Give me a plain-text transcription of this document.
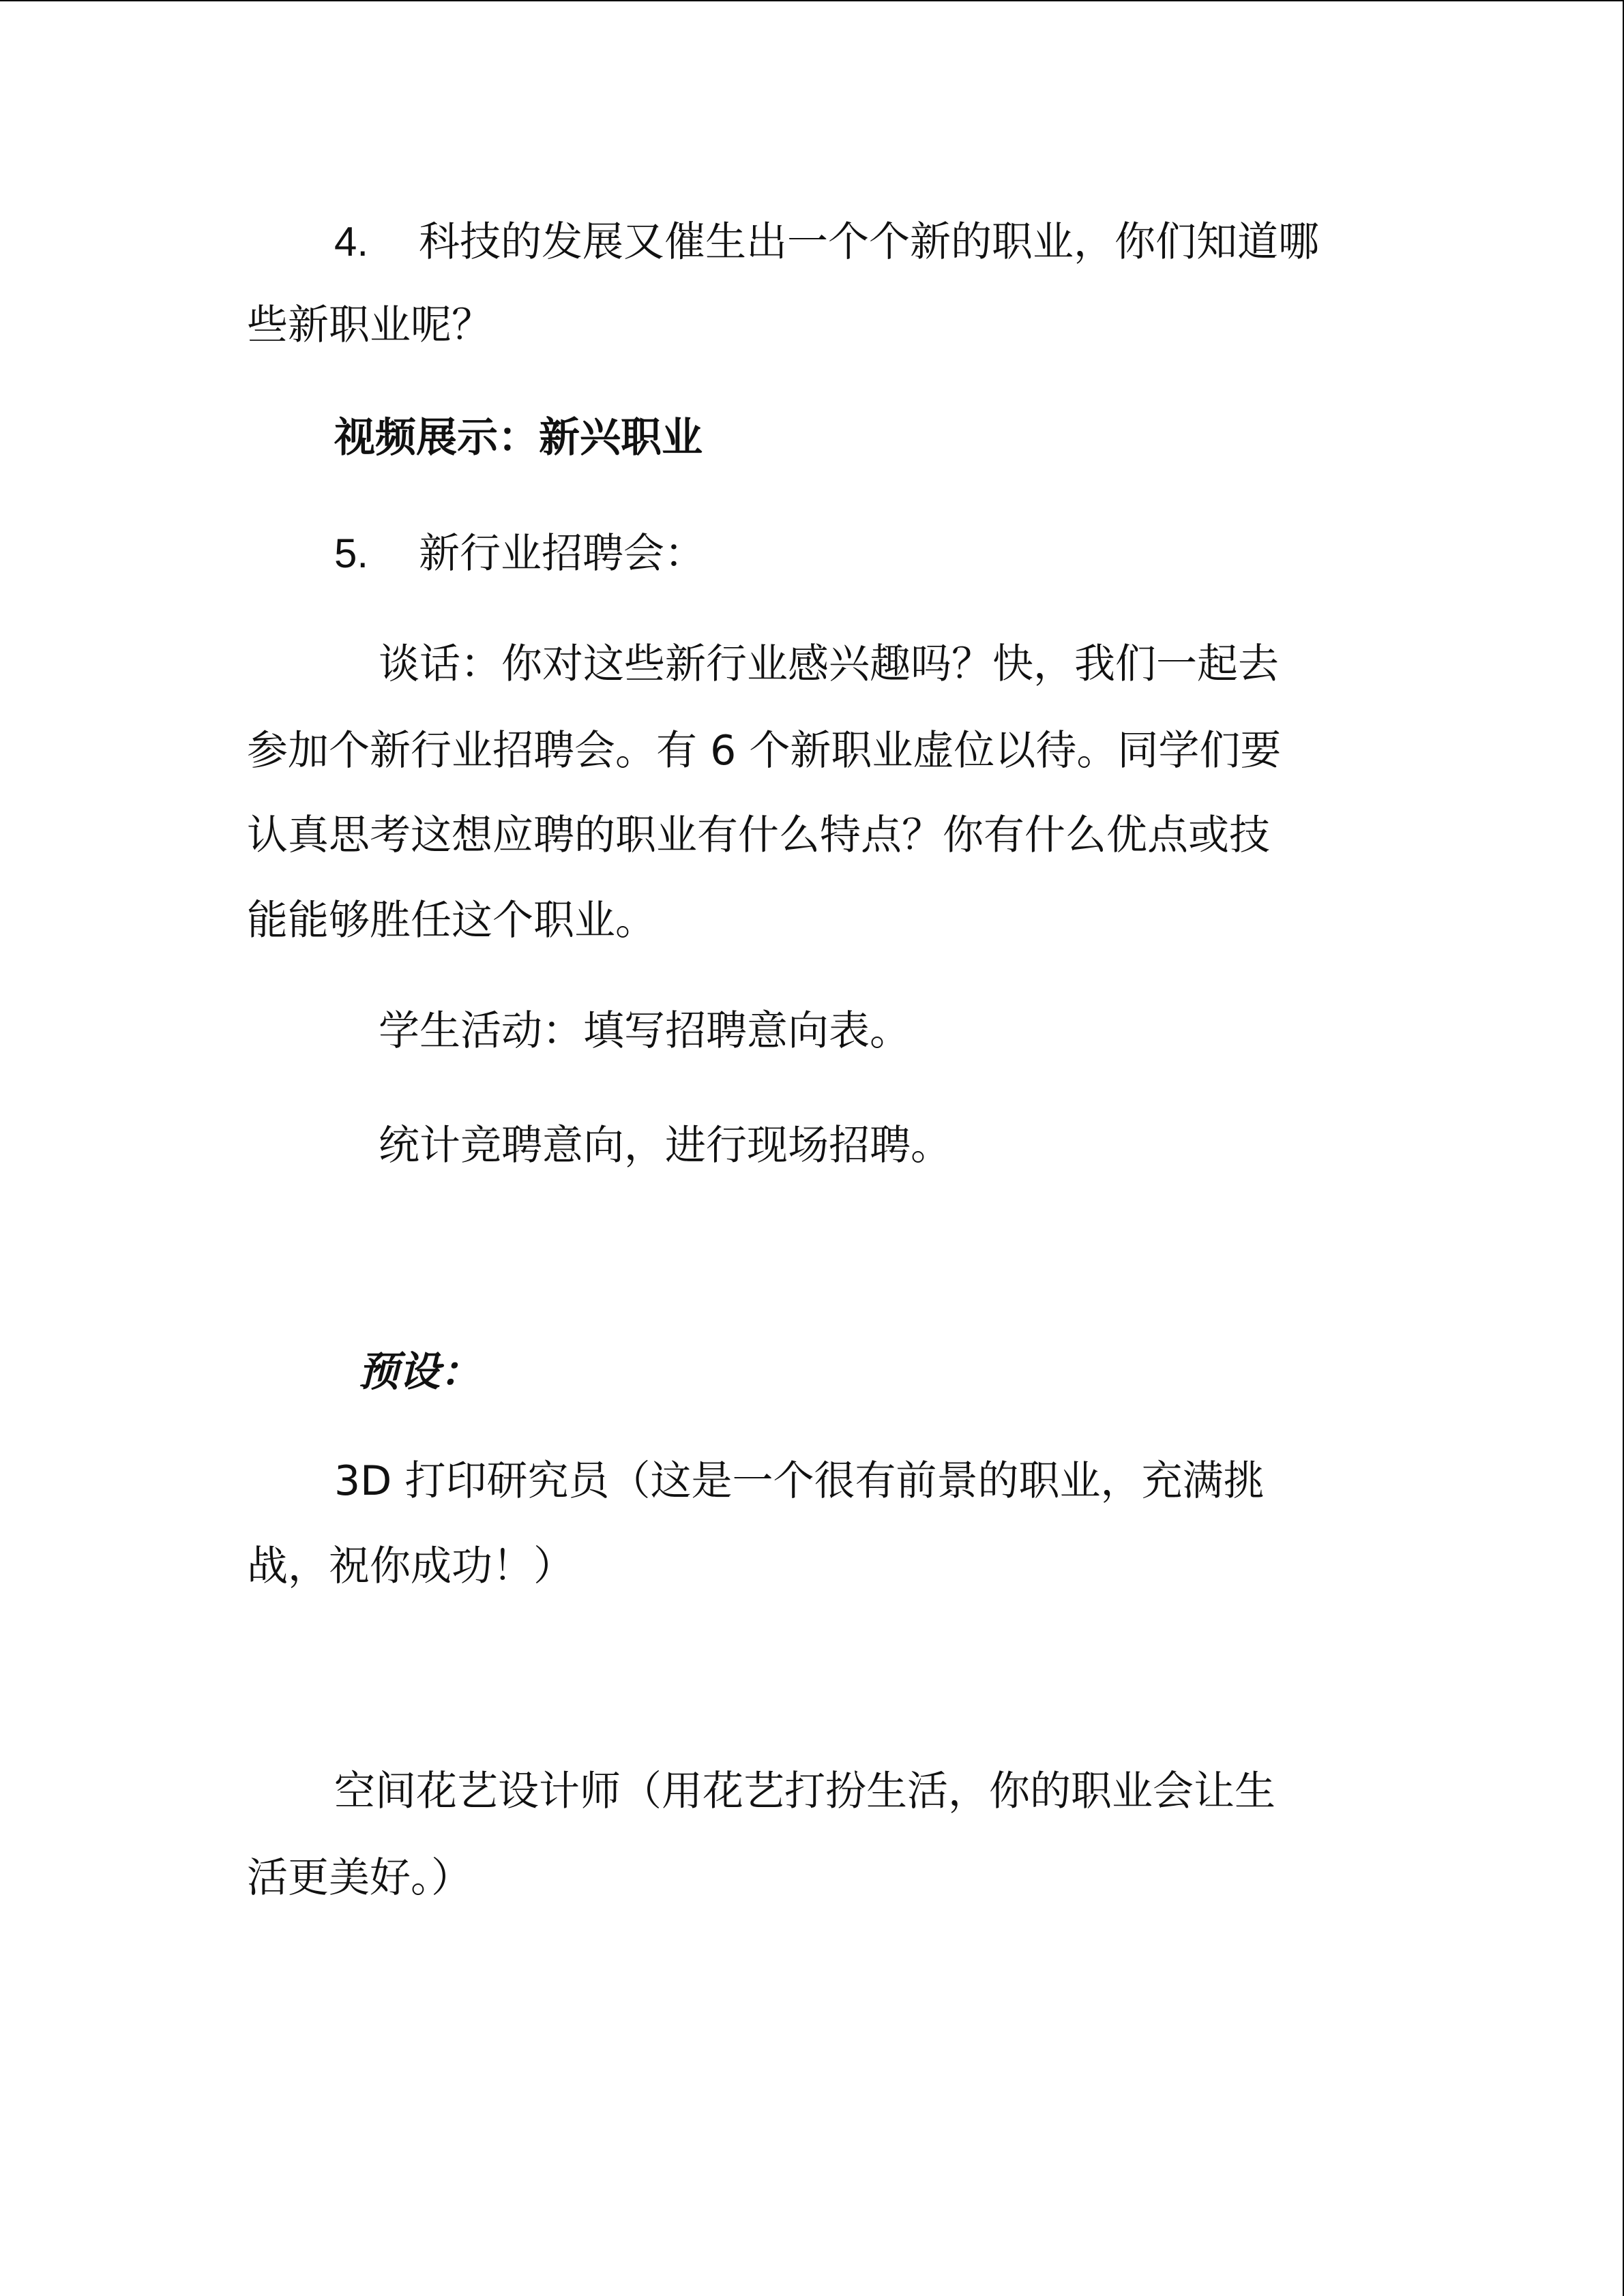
4. 科技的发展又催生出一个个新的职业，你们知道哪
些新职业呢？
视频展示：新兴职业
5. 新行业招聘会：
谈话：你对这些新行业感兴趣吗？快，我们一起去
参加个新行业招聘会。有 6 个新职业虚位以待。同学们要
认真思考这想应聘的职业有什么特点？你有什么优点或技
能能够胜任这个职业。
学生活动：填写招聘意向表。
统计竞聘意向，进行现场招聘。
预设：
3D 打印研究员（这是一个很有前景的职业，充满挑
战，祝你成功！）
空间花艺设计师（用花艺打扮生活，你的职业会让生
活更美好。）
